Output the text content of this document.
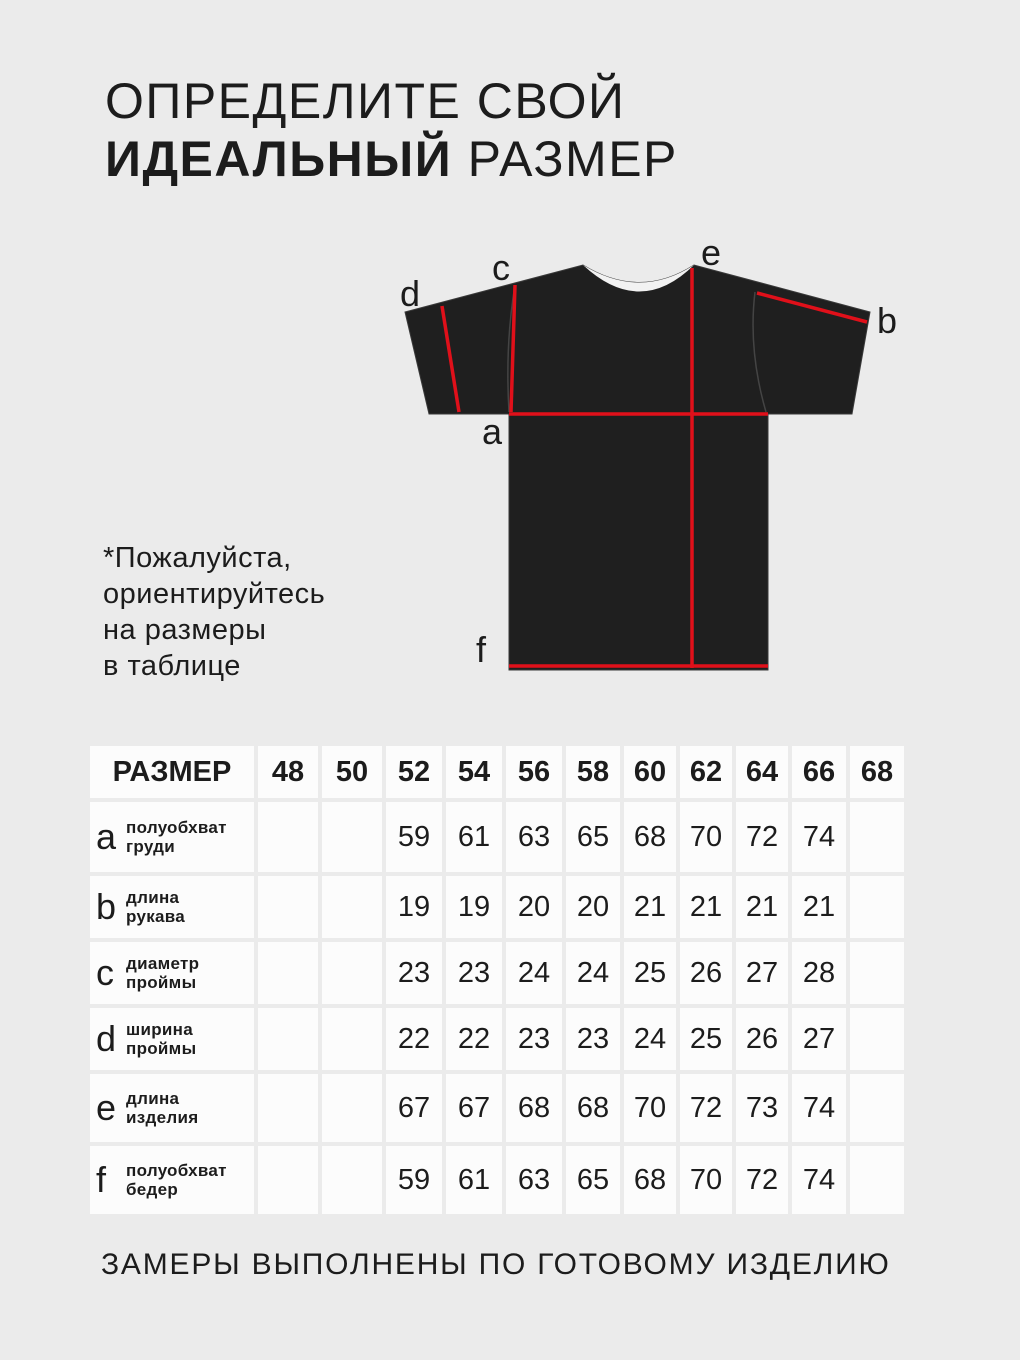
ОПРЕДЕЛИТЕ СВОЙ
ИДЕАЛЬНЫЙ РАЗМЕР
a
b
c
d
e
f
*Пожалуйста,
ориентируйтесь
на размеры
в таблице
РАЗМЕР	48	50	52	54	56	58	60	62	64	66	68

a полуобхват
груди			59	61	63	65	68	70	72	74	

b длина
рукава			19	19	20	20	21	21	21	21	

c диаметр
проймы			23	23	24	24	25	26	27	28	

d ширина
проймы			22	22	23	23	24	25	26	27	

e длина
изделия			67	67	68	68	70	72	73	74	

f полуобхват
бедер			59	61	63	65	68	70	72	74	
ЗАМЕРЫ ВЫПОЛНЕНЫ ПО ГОТОВОМУ ИЗДЕЛИЮ
